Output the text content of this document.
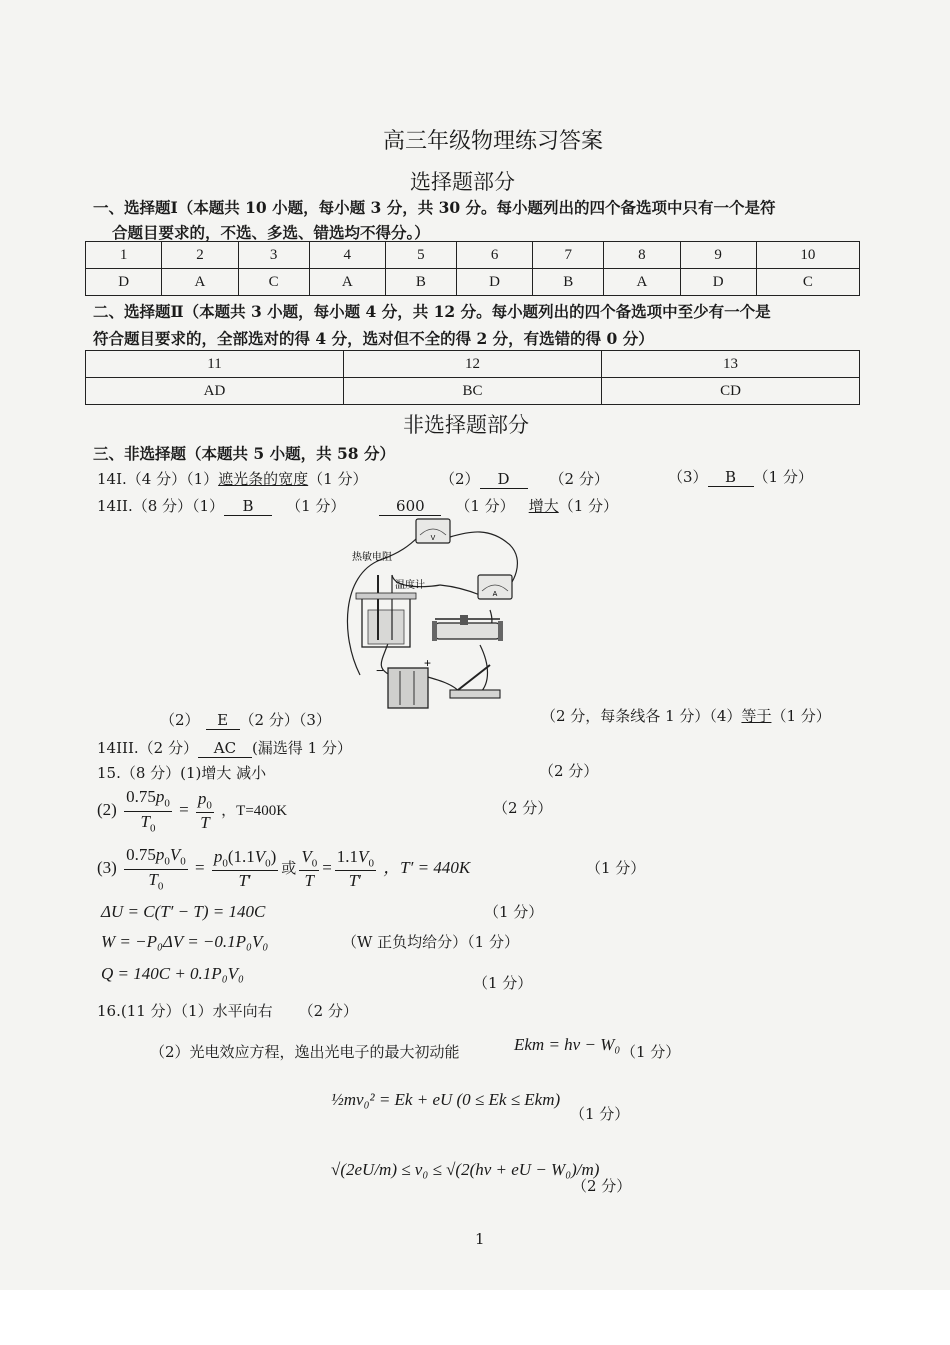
高三年级物理练习答案
选择题部分
一、选择题Ⅰ（本题共 10 小题，每小题 3 分，共 30 分。每小题列出的四个备选项中只有一个是符
合题目要求的，不选、多选、错选均不得分。）
1	2	3	4	5	6	7	8	9	10
D	A	C	A	B	D	B	A	D	C
二、选择题Ⅱ（本题共 3 小题，每小题 4 分，共 12 分。每小题列出的四个备选项中至少有一个是
符合题目要求的，全部选对的得 4 分，选对但不全的得 2 分，有选错的得 0 分）
11	12	13
AD	BC	CD
非选择题部分
三、非选择题（本题共 5 小题，共 58 分）
14I.（4 分）（1）遮光条的宽度（1 分）	（2） D	（2 分）	（3） B （1 分）
14II.（8 分）（1） B （1 分）	600 （1 分） 增大（1 分）
V
A
热敏电阻
温度计
−	+
（2） E （2 分）（3）	（2 分，每条线各 1 分）（4）等于（1 分）
14III.（2 分） AC (漏选得 1 分）
15.（8 分）(1)增大 减小	（2 分）
$(2) \frac{0.75p_0}{T_0} = \frac{p_0}{T}$ ，T=400K	（2 分）
$(3) \frac{0.75p_0V_0}{T_0} = \frac{p_0(1.1V_0)}{T'}$ 或 $\frac{V_0}{T} = \frac{1.1V_0}{T'}$ ，T′ = 440K	（1 分）
ΔU = C(T′ − T) = 140C	（1 分）
W = −P₀ΔV = −0.1P₀V₀	（W 正负均给分）（1 分）
Q = 140C + 0.1P₀V₀	（1 分）
16.(11 分）（1）水平向右 （2 分）
（2）光电效应方程，逸出光电子的最大初动能	Ekm = hν − W₀ （1 分）
½mv₀² = Ek + eU (0 ≤ Ek ≤ Ekm)
（1 分）
√(2eU/m) ≤ v₀ ≤ √(2(hν + eU − W₀)/m)
（2 分）
1
